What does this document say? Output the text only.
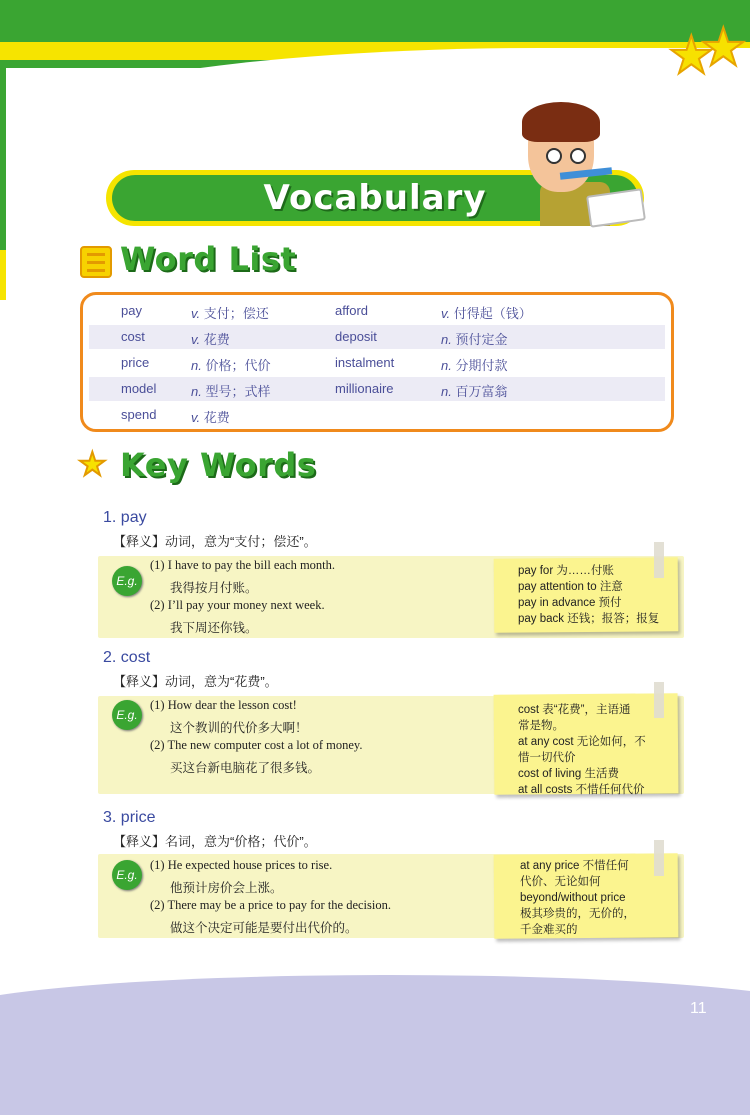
★
★
Vocabulary
Word List
pay	v. 支付；偿还	afford	v. 付得起（钱）
cost	v. 花费	deposit	n. 预付定金
price	n. 价格；代价	instalment	n. 分期付款
model	n. 型号；式样	millionaire	n. 百万富翁
spend	v. 花费
★ Key Words
1. pay
【释义】动词，意为“支付；偿还”。
E.g.
(1) I have to pay the bill each month.
我得按月付账。
(2) I’ll pay your money next week.
我下周还你钱。
pay for 为……付账
pay attention to 注意
pay in advance 预付
pay back 还钱；报答；报复
2. cost
【释义】动词，意为“花费”。
E.g.
(1) How dear the lesson cost!
这个教训的代价多大啊！
(2) The new computer cost a lot of money.
买这台新电脑花了很多钱。
cost 表“花费”，主语通
常是物。
at any cost 无论如何，不
惜一切代价
cost of living 生活费
at all costs 不惜任何代价
3. price
【释义】名词，意为“价格；代价”。
E.g.
(1) He expected house prices to rise.
他预计房价会上涨。
(2) There may be a price to pay for the decision.
做这个决定可能是要付出代价的。
at any price 不惜任何
代价、无论如何
beyond/without price
极其珍贵的，无价的，
千金难买的
11
